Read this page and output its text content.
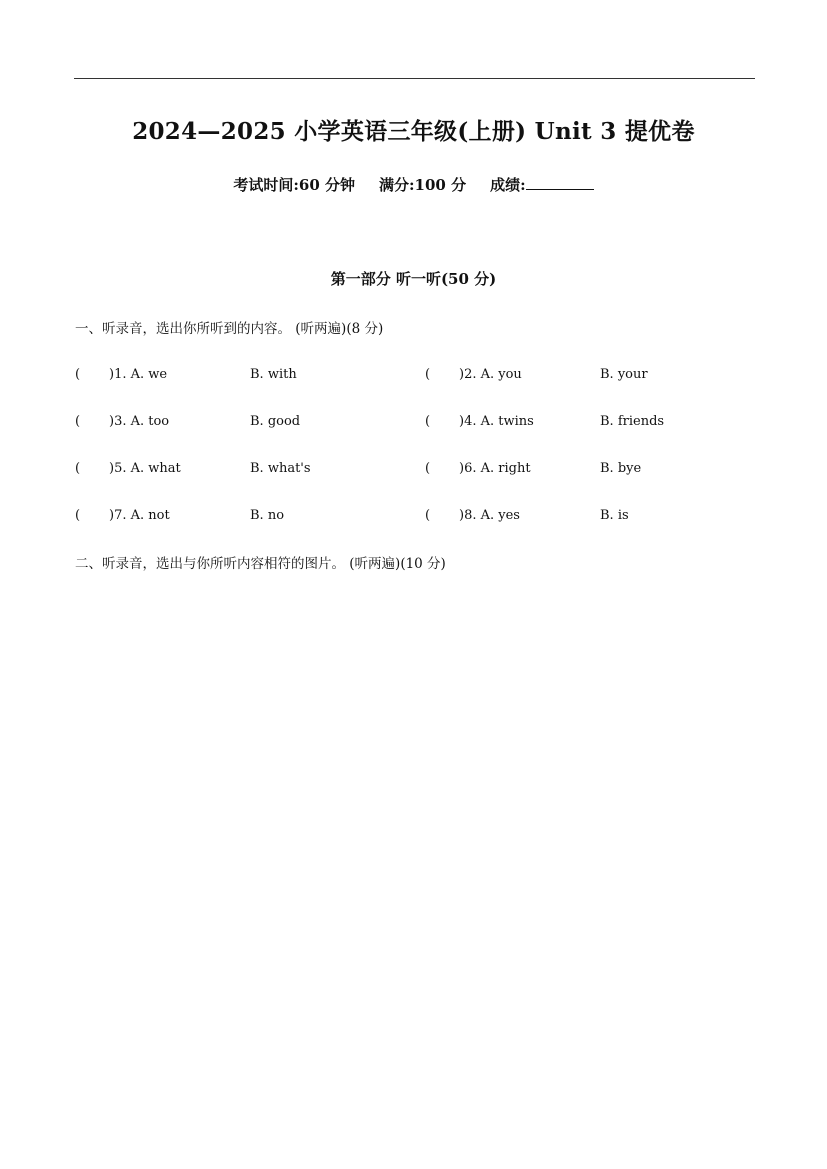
2024—2025 小学英语三年级(上册) Unit 3 提优卷
考试时间:60 分钟 满分:100 分 成绩:
第一部分 听一听(50 分)
一、听录音，选出你所听到的内容。 (听两遍)(8 分)
(       )1. A. we	B. with	(       )2. A. you	B. your
(       )3. A. too	B. good	(       )4. A. twins	B. friends
(       )5. A. what	B. what's	(       )6. A. right	B. bye
(       )7. A. not	B. no	(       )8. A. yes	B. is
二、听录音，选出与你所听内容相符的图片。 (听两遍)(10 分)
